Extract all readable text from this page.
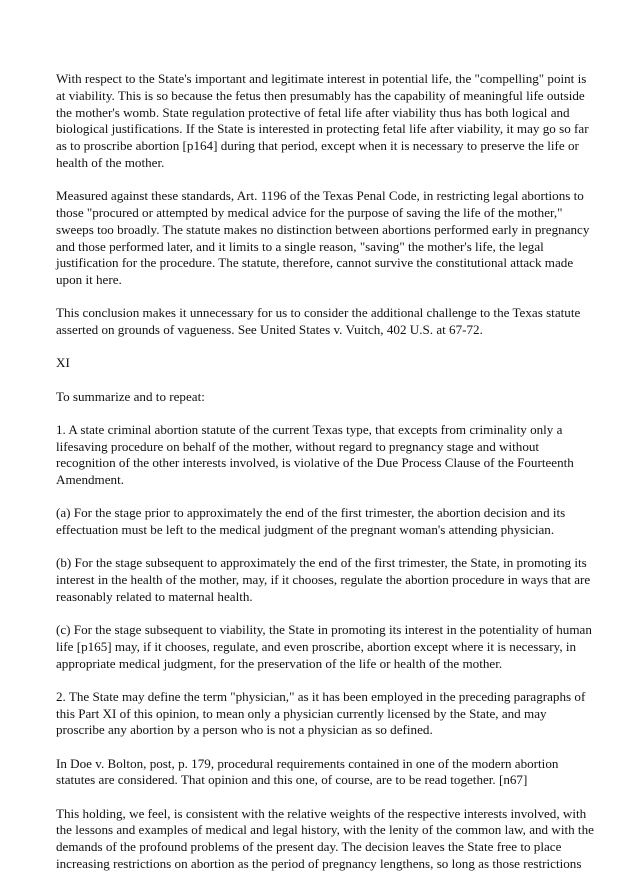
With respect to the State's important and legitimate interest in potential life, the "compelling" point is at viability. This is so because the fetus then presumably has the capability of meaningful life outside the mother's womb. State regulation protective of fetal life after viability thus has both logical and biological justifications. If the State is interested in protecting fetal life after viability, it may go so far as to proscribe abortion [p164] during that period, except when it is necessary to preserve the life or health of the mother.

Measured against these standards, Art. 1196 of the Texas Penal Code, in restricting legal abortions to those "procured or attempted by medical advice for the purpose of saving the life of the mother," sweeps too broadly. The statute makes no distinction between abortions performed early in pregnancy and those performed later, and it limits to a single reason, "saving" the mother's life, the legal justification for the procedure. The statute, therefore, cannot survive the constitutional attack made upon it here.

This conclusion makes it unnecessary for us to consider the additional challenge to the Texas statute asserted on grounds of vagueness. See United States v. Vuitch, 402 U.S. at 67-72.

XI

To summarize and to repeat:

1. A state criminal abortion statute of the current Texas type, that excepts from criminality only a lifesaving procedure on behalf of the mother, without regard to pregnancy stage and without recognition of the other interests involved, is violative of the Due Process Clause of the Fourteenth Amendment.

(a) For the stage prior to approximately the end of the first trimester, the abortion decision and its effectuation must be left to the medical judgment of the pregnant woman's attending physician.

(b) For the stage subsequent to approximately the end of the first trimester, the State, in promoting its interest in the health of the mother, may, if it chooses, regulate the abortion procedure in ways that are reasonably related to maternal health.

(c) For the stage subsequent to viability, the State in promoting its interest in the potentiality of human life [p165] may, if it chooses, regulate, and even proscribe, abortion except where it is necessary, in appropriate medical judgment, for the preservation of the life or health of the mother.

2. The State may define the term "physician," as it has been employed in the preceding paragraphs of this Part XI of this opinion, to mean only a physician currently licensed by the State, and may proscribe any abortion by a person who is not a physician as so defined.

In Doe v. Bolton, post, p. 179, procedural requirements contained in one of the modern abortion statutes are considered. That opinion and this one, of course, are to be read together. [n67]

This holding, we feel, is consistent with the relative weights of the respective interests involved, with the lessons and examples of medical and legal history, with the lenity of the common law, and with the demands of the profound problems of the present day. The decision leaves the State free to place increasing restrictions on abortion as the period of pregnancy lengthens, so long as those restrictions
